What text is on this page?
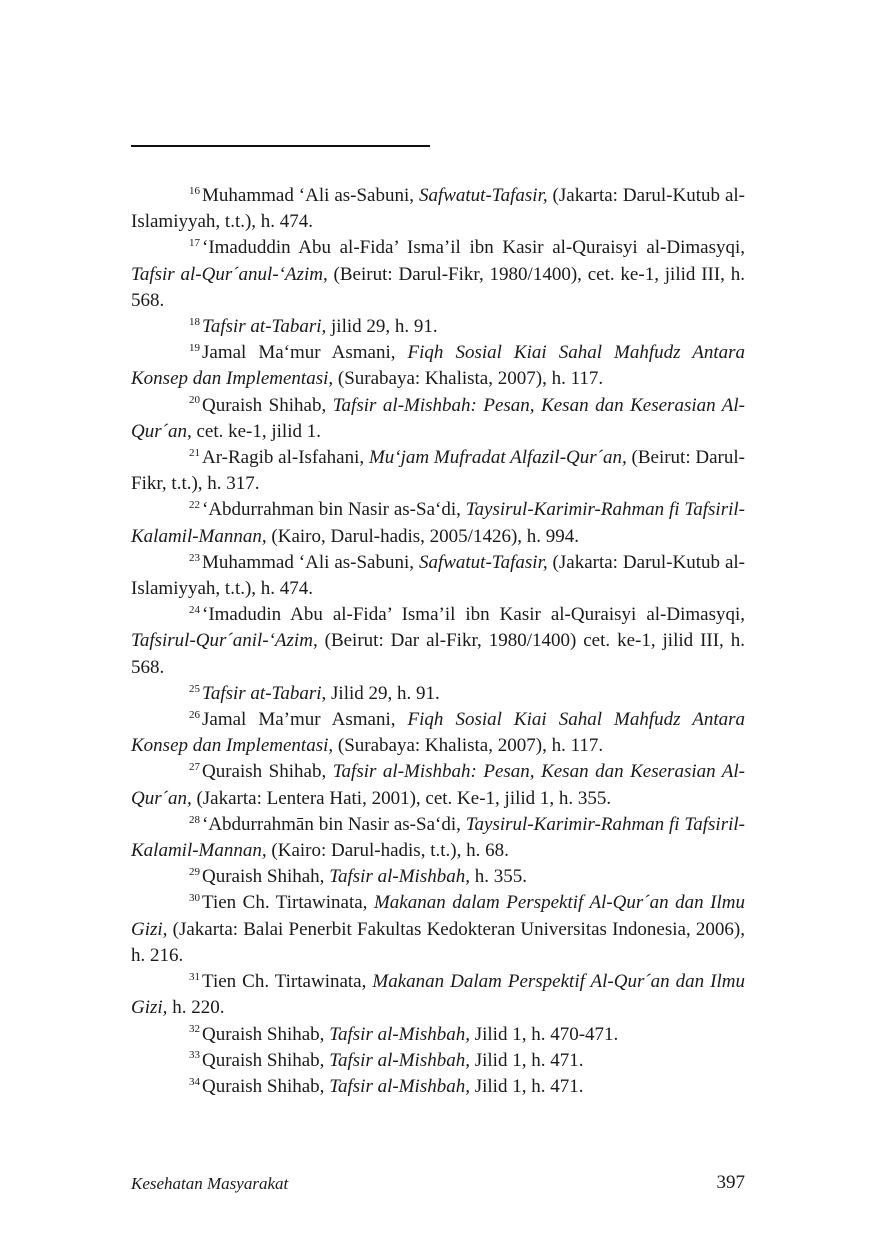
$^{16}$ Muhammad ‘Ali as-Sabuni, Safwatut-Tafasir, (Jakarta: Darul-Kutub al-Islamiyyah, t.t.), h. 474.

$^{17}$ ‘Imaduddin Abu al-Fida’ Isma’il ibn Kasir al-Quraisyi al-Dimasyqi, Tafsir al-Qur´anul-‘Azim, (Beirut: Darul-Fikr, 1980/1400), cet. ke-1, jilid III, h. 568.

$^{18}$ Tafsir at-Tabari, jilid 29, h. 91.

$^{19}$ Jamal Ma‘mur Asmani, Fiqh Sosial Kiai Sahal Mahfudz Antara Konsep dan Implementasi, (Surabaya: Khalista, 2007), h. 117.

$^{20}$ Quraish Shihab, Tafsir al-Mishbah: Pesan, Kesan dan Keserasian Al-Qur´an, cet. ke-1, jilid 1.

$^{21}$ Ar-Ragib al-Isfahani, Mu‘jam Mufradat Alfazil-Qur´an, (Beirut: Darul-Fikr, t.t.), h. 317.

$^{22}$ ‘Abdurrahman bin Nasir as-Sa‘di, Taysirul-Karimir-Rahman fi Tafsiril-Kalamil-Mannan, (Kairo, Darul-hadis, 2005/1426), h. 994.

$^{23}$ Muhammad ‘Ali as-Sabuni, Safwatut-Tafasir, (Jakarta: Darul-Kutub al-Islamiyyah, t.t.), h. 474.

$^{24}$ ‘Imadudin Abu al-Fida’ Isma’il ibn Kasir al-Quraisyi al-Dimasyqi, Tafsirul-Qur´anil-‘Azim, (Beirut: Dar al-Fikr, 1980/1400) cet. ke-1, jilid III, h. 568.

$^{25}$ Tafsir at-Tabari, Jilid 29, h. 91.

$^{26}$ Jamal Ma’mur Asmani, Fiqh Sosial Kiai Sahal Mahfudz Antara Konsep dan Implementasi, (Surabaya: Khalista, 2007), h. 117.

$^{27}$ Quraish Shihab, Tafsir al-Mishbah: Pesan, Kesan dan Keserasian Al-Qur´an, (Jakarta: Lentera Hati, 2001), cet. Ke-1, jilid 1, h. 355.

$^{28}$ ‘Abdurrahmān bin Nasir as-Sa‘di, Taysirul-Karimir-Rahman fi Tafsiril- Kalamil-Mannan, (Kairo: Darul-hadis, t.t.), h. 68.

$^{29}$ Quraish Shihah, Tafsir al-Mishbah, h. 355.

$^{30}$ Tien Ch. Tirtawinata, Makanan dalam Perspektif Al-Qur´an dan Ilmu Gizi, (Jakarta: Balai Penerbit Fakultas Kedokteran Universitas Indonesia, 2006), h. 216.

$^{31}$ Tien Ch. Tirtawinata, Makanan Dalam Perspektif Al-Qur´an dan Ilmu Gizi, h. 220.

$^{32}$ Quraish Shihab, Tafsir al-Mishbah, Jilid 1, h. 470-471.

$^{33}$ Quraish Shihab, Tafsir al-Mishbah, Jilid 1, h. 471.

$^{34}$ Quraish Shihab, Tafsir al-Mishbah, Jilid 1, h. 471.

Kesehatan Masyarakat	397
